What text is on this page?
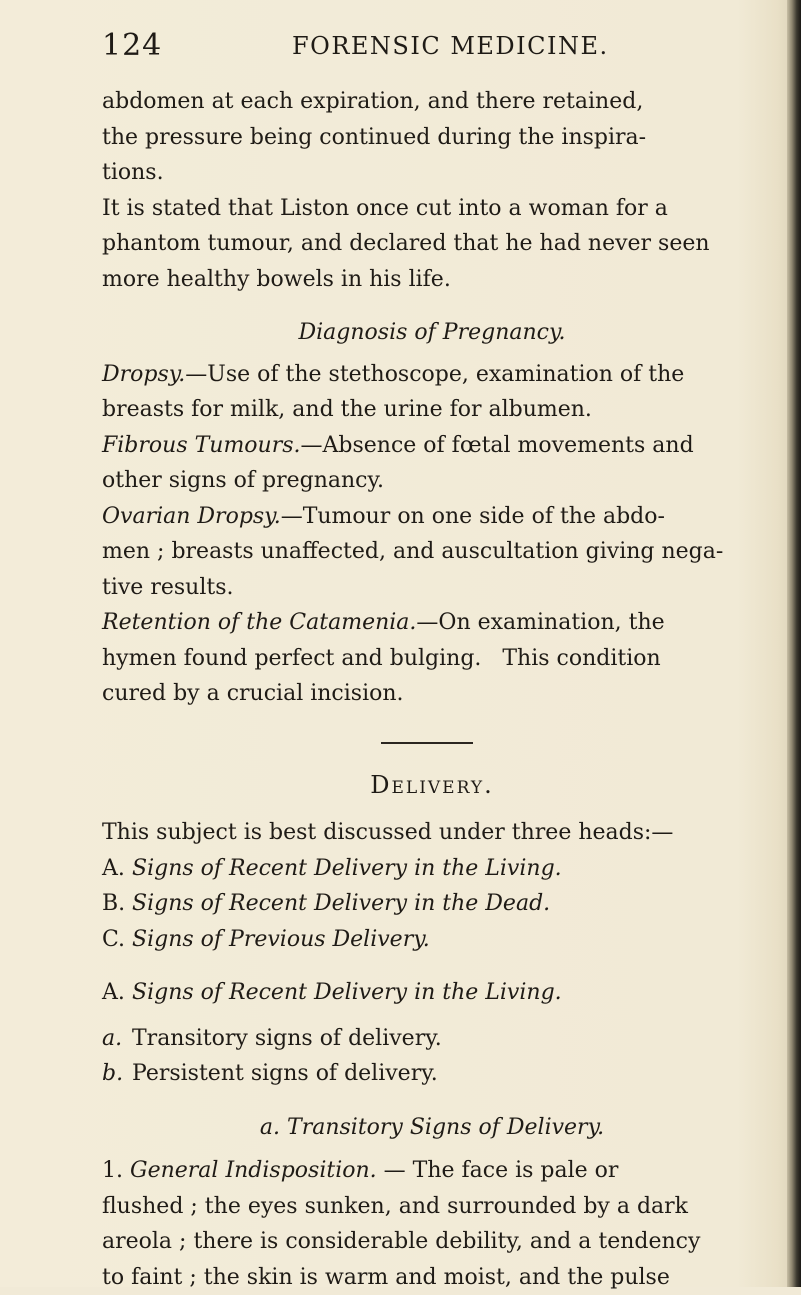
124	FORENSIC MEDICINE.

abdomen at each expiration, and there retained,

the pressure being continued during the inspira-

tions.

It is stated that Liston once cut into a woman for a

phantom tumour, and declared that he had never seen

more healthy bowels in his life.

Diagnosis of Pregnancy.

Dropsy.—Use of the stethoscope, examination of the

breasts for milk, and the urine for albumen.

Fibrous Tumours.—Absence of fœtal movements and

other signs of pregnancy.

Ovarian Dropsy.—Tumour on one side of the abdo-

men ; breasts unaffected, and auscultation giving nega-

tive results.

Retention of the Catamenia.—On examination, the

hymen found perfect and bulging.   This condition

cured by a crucial incision.

Delivery.

This subject is best discussed under three heads:—

A. Signs of Recent Delivery in the Living.

B. Signs of Recent Delivery in the Dead.

C. Signs of Previous Delivery.

A. Signs of Recent Delivery in the Living.

a. Transitory signs of delivery.

b. Persistent signs of delivery.

a. Transitory Signs of Delivery.

1. General Indisposition. — The face is pale or

flushed ; the eyes sunken, and surrounded by a dark

areola ; there is considerable debility, and a tendency

to faint ; the skin is warm and moist, and the pulse
